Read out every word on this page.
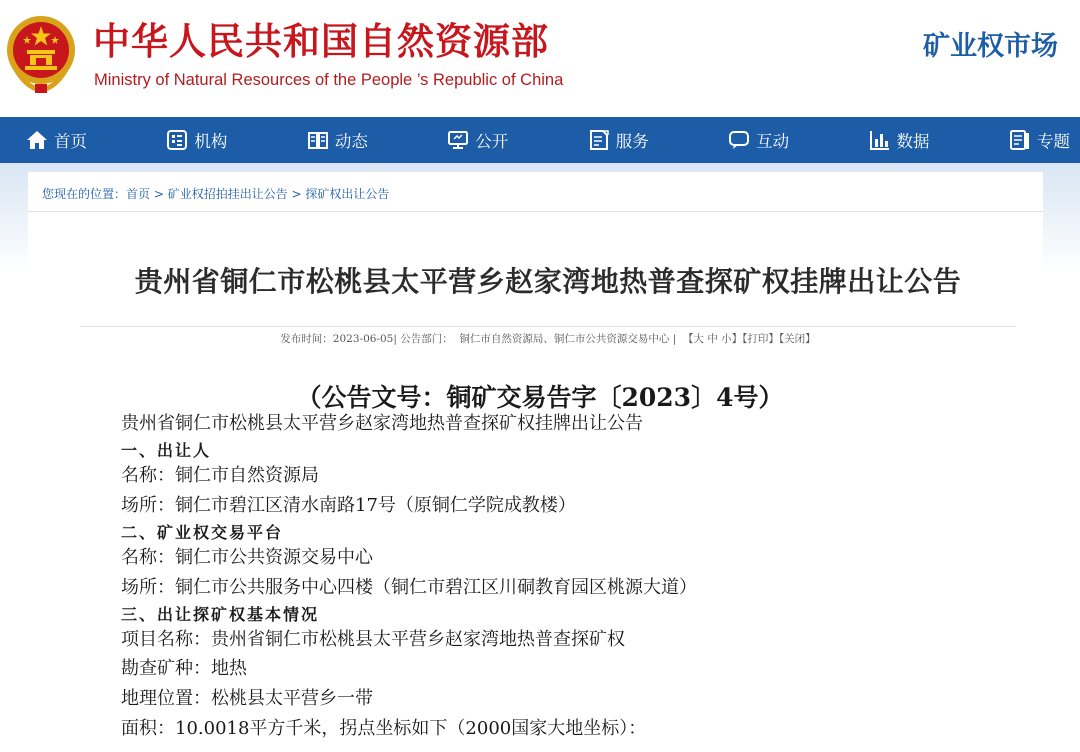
中华人民共和国自然资源部
Ministry of Natural Resources of the People ’s Republic of China
矿业权市场
首页	机构	动态	公开	服务	互动	数据	专题
您现在的位置：首页 > 矿业权招拍挂出让公告 > 探矿权出让公告
贵州省铜仁市松桃县太平营乡赵家湾地热普查探矿权挂牌出让公告
发布时间：2023-06-05| 公告部门： 铜仁市自然资源局、铜仁市公共资源交易中心 | 【大 中 小】【打印】【关闭】
（公告文号：铜矿交易告字〔2023〕4号）
贵州省铜仁市松桃县太平营乡赵家湾地热普查探矿权挂牌出让公告
一、出让人
名称：铜仁市自然资源局
场所：铜仁市碧江区清水南路17号（原铜仁学院成教楼）
二、矿业权交易平台
名称：铜仁市公共资源交易中心
场所：铜仁市公共服务中心四楼（铜仁市碧江区川硐教育园区桃源大道）
三、出让探矿权基本情况
项目名称：贵州省铜仁市松桃县太平营乡赵家湾地热普查探矿权
勘查矿种：地热
地理位置：松桃县太平营乡一带
面积：10.0018平方千米，拐点坐标如下（2000国家大地坐标）：
